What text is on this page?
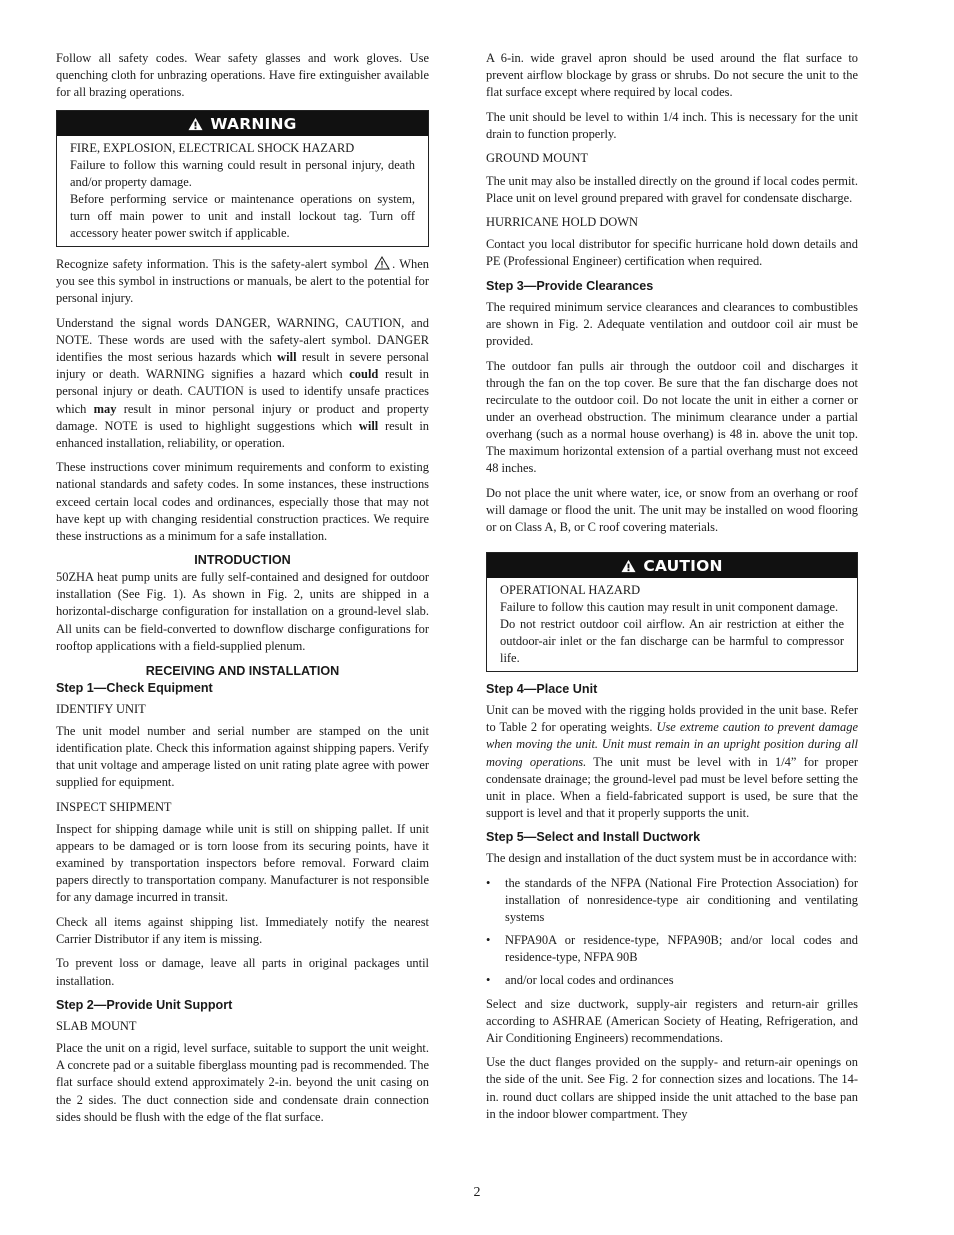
Follow all safety codes. Wear safety glasses and work gloves. Use quenching cloth for unbrazing operations. Have fire extinguisher available for all brazing operations.

WARNING

FIRE, EXPLOSION, ELECTRICAL SHOCK HAZARD

Failure to follow this warning could result in personal injury, death and/or property damage.

Before performing service or maintenance operations on system, turn off main power to unit and install lockout tag. Turn off accessory heater power switch if applicable.

Recognize safety information. This is the safety-alert symbol . When you see this symbol in instructions or manuals, be alert to the potential for personal injury.

Understand the signal words DANGER, WARNING, CAUTION, and NOTE. These words are used with the safety-alert symbol. DANGER identifies the most serious hazards which will result in severe personal injury or death. WARNING signifies a hazard which could result in personal injury or death. CAUTION is used to identify unsafe practices which may result in minor personal injury or product and property damage. NOTE is used to highlight suggestions which will result in enhanced installation, reliability, or operation.

These instructions cover minimum requirements and conform to existing national standards and safety codes. In some instances, these instructions exceed certain local codes and ordinances, especially those that may not have kept up with changing residential construction practices. We require these instructions as a minimum for a safe installation.

INTRODUCTION

50ZHA heat pump units are fully self-contained and designed for outdoor installation (See Fig. 1). As shown in Fig. 2, units are shipped in a horizontal-discharge configuration for installation on a ground-level slab. All units can be field-converted to downflow discharge configurations for rooftop applications with a field-supplied plenum.

RECEIVING AND INSTALLATION
Step 1—Check Equipment

IDENTIFY UNIT

The unit model number and serial number are stamped on the unit identification plate. Check this information against shipping papers. Verify that unit voltage and amperage listed on unit rating plate agree with power supplied for equipment.

INSPECT SHIPMENT

Inspect for shipping damage while unit is still on shipping pallet. If unit appears to be damaged or is torn loose from its securing points, have it examined by transportation inspectors before removal. Forward claim papers directly to transportation company. Manufacturer is not responsible for any damage incurred in transit.

Check all items against shipping list. Immediately notify the nearest Carrier Distributor if any item is missing.

To prevent loss or damage, leave all parts in original packages until installation.

Step 2—Provide Unit Support

SLAB MOUNT

Place the unit on a rigid, level surface, suitable to support the unit weight. A concrete pad or a suitable fiberglass mounting pad is recommended. The flat surface should extend approximately 2-in. beyond the unit casing on the 2 sides. The duct connection side and condensate drain connection sides should be flush with the edge of the flat surface.

A 6-in. wide gravel apron should be used around the flat surface to prevent airflow blockage by grass or shrubs. Do not secure the unit to the flat surface except where required by local codes.

The unit should be level to within 1/4 inch. This is necessary for the unit drain to function properly.

GROUND MOUNT

The unit may also be installed directly on the ground if local codes permit. Place unit on level ground prepared with gravel for condensate discharge.

HURRICANE HOLD DOWN

Contact you local distributor for specific hurricane hold down details and PE (Professional Engineer) certification when required.

Step 3—Provide Clearances

The required minimum service clearances and clearances to combustibles are shown in Fig. 2. Adequate ventilation and outdoor coil air must be provided.

The outdoor fan pulls air through the outdoor coil and discharges it through the fan on the top cover. Be sure that the fan discharge does not recirculate to the outdoor coil. Do not locate the unit in either a corner or under an overhead obstruction. The minimum clearance under a partial overhang (such as a normal house overhang) is 48 in. above the unit top. The maximum horizontal extension of a partial overhang must not exceed 48 inches.

Do not place the unit where water, ice, or snow from an overhang or roof will damage or flood the unit. The unit may be installed on wood flooring or on Class A, B, or C roof covering materials.

CAUTION

OPERATIONAL HAZARD

Failure to follow this caution may result in unit component damage.

Do not restrict outdoor coil airflow. An air restriction at either the outdoor-air inlet or the fan discharge can be harmful to compressor life.

Step 4—Place Unit

Unit can be moved with the rigging holds provided in the unit base. Refer to Table 2 for operating weights. Use extreme caution to prevent damage when moving the unit. Unit must remain in an upright position during all moving operations. The unit must be level with in 1/4” for proper condensate drainage; the ground-level pad must be level before setting the unit in place. When a field-fabricated support is used, be sure that the support is level and that it properly supports the unit.

Step 5—Select and Install Ductwork

The design and installation of the duct system must be in accordance with:

• the standards of the NFPA (National Fire Protection Association) for installation of nonresidence-type air conditioning and ventilating systems
• NFPA90A or residence-type, NFPA90B; and/or local codes and residence-type, NFPA 90B
• and/or local codes and ordinances

Select and size ductwork, supply-air registers and return-air grilles according to ASHRAE (American Society of Heating, Refrigeration, and Air Conditioning Engineers) recommendations.

Use the duct flanges provided on the supply- and return-air openings on the side of the unit. See Fig. 2 for connection sizes and locations. The 14-in. round duct collars are shipped inside the unit attached to the base pan in the indoor blower compartment. They

2
